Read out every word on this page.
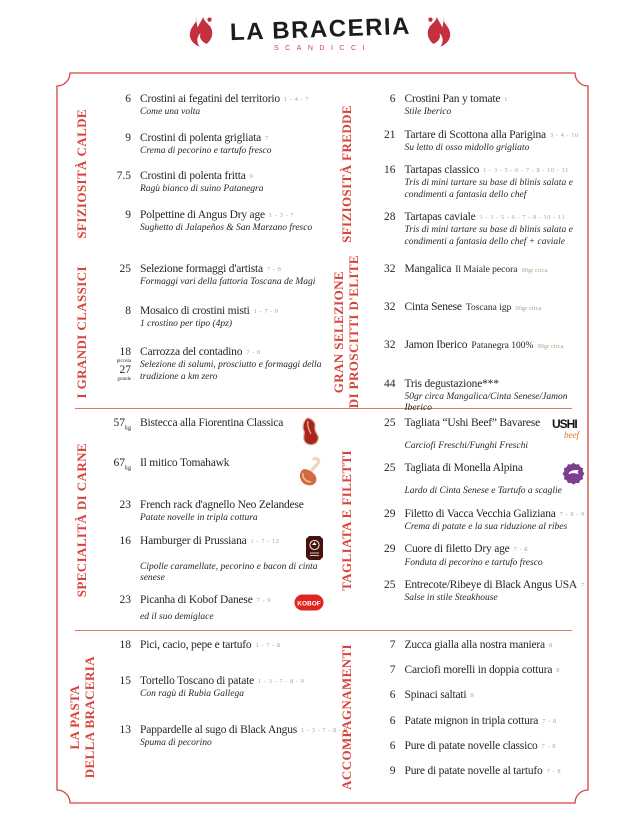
LA BRACERIA
SCANDICCI
SFIZIOSITÀ CALDE
6 Crostini ai fegatini del territorio 1 - 4 - 7
Come una volta
9 Crostini di polenta grigliata 7
Crema di pecorino e tartufo fresco
7.5 Crostini di polenta fritta 9
Ragù bianco di suino Patanegra
9 Polpettine di Angus Dry age 1 - 3 - 7
Sughetto di Jalapeños & San Marzano fresco	SFIZIOSITÀ FREDDE
6 Crostini Pan y tomate 1
Stile Iberico
21 Tartare di Scottona alla Parigina 3 - 4 - 10
Su letto di osso midollo grigliato
16 Tartapas classico 1 - 3 - 5 - 6 - 7 - 8 - 10 - 11
Tris di mini tartare su base di blinis salata e condimenti a fantasia dello chef
28 Tartapas caviale 1 - 3 - 5 - 6 - 7 - 8 - 10 - 11
Tris di mini tartare su base di blinis salata e condimenti a fantasia dello chef + caviale
I GRANDI CLASSICI	25 Selezione formaggi d'artista 7 - 8
Formaggi vari della fattoria Toscana de Magi
8 Mosaico di crostini misti 1 - 7 - 9
1 crostino per tipo (4pz)
18
piccola
27
grande
Carrozza del contadino 7 - 8
Selezione di salumi, prosciutto e formaggi della tradizione a km zero	GRAN SELEZIONE DI PROSCITTI D'ELITE	32 Mangalica Il Maiale pecora 90gr circa
32 Cinta Senese Toscana igp 90gr circa
32 Jamon Iberico Patanegra 100% 90gr circa
44 Tris degustazione***
50gr circa Mangalica/Cinta Senese/Jamon Iberico
SPECIALITÀ DI CARNE
$57_{kg}$ Bistecca alla Fiorentina Classica
$67_{kg}$ Il mitico Tomahawk
23 French rack d'agnello Neo Zelandese
Patate novelle in tripla cottura
16 Hamburger di Prussiana 1 - 7 - 12
Cipolle caramellate, pecorino e bacon di cinta senese
23 Picanha di Kobof Danese 7 - 9	KOBOF
ed il suo demiglace
TAGLIATA E FILETTI
25 Tagliata “Ushi Beef” Bavarese USHI
beef
Carciofi Freschi/Funghi Freschi
25 Tagliata di Monella Alpina
Lardo di Cinta Senese e Tartufo a scaglie
29 Filetto di Vacca Vecchia Galiziana 7 - 8 - 9
Crema di patate e la sua riduzione al ribes
29 Cuore di filetto Dry age 7 - 8
Fonduta di pecorino e tartufo fresco
25 Entrecote/Ribeye di Black Angus USA 7
Salse in stile Steakhouse
LA PASTA DELLA BRACERIA
18 Pici, cacio, pepe e tartufo 1 - 7 - 8
15 Tortello Toscano di patate 1 - 3 - 7 - 8 - 9
Con ragù di Rubia Gallega
13 Pappardelle al sugo di Black Angus 1 - 3 - 7 - 8 - 9
Spuma di pecorino	ACCOMPAGNAMENTI	7 Zucca gialla alla nostra maniera 8
7 Carciofi morelli in doppia cottura 8
6 Spinaci saltati 8
6 Patate mignon in tripla cottura 7 - 8
6 Pure di patate novelle classico 7 - 8
9 Pure di patate novelle al tartufo 7 - 8
